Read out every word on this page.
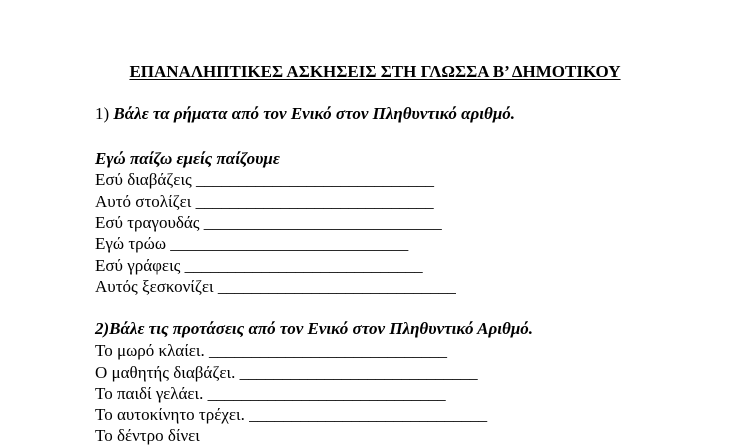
ΕΠΑΝΑΛΗΠΤΙΚΕΣ ΑΣΚΗΣΕΙΣ ΣΤΗ ΓΛΩΣΣΑ Β’ ΔΗΜΟΤΙΚΟΥ
1) Βάλε τα ρήματα από τον Ενικό στον Πληθυντικό αριθμό.
Εγώ παίζω εμείς παίζουμε
Εσύ διαβάζεις ____________________________
Αυτό στολίζει ____________________________
Εσύ τραγουδάς ____________________________
Εγώ τρώω ____________________________
Εσύ γράφεις ____________________________
Αυτός ξεσκονίζει ____________________________
2)Βάλε τις προτάσεις από τον Ενικό στον Πληθυντικό Αριθμό.
Το μωρό κλαίει. ____________________________
Ο μαθητής διαβάζει. ____________________________
Το παιδί γελάει. ____________________________
Το αυτοκίνητο τρέχει. ____________________________
Το δέντρο δίνει
